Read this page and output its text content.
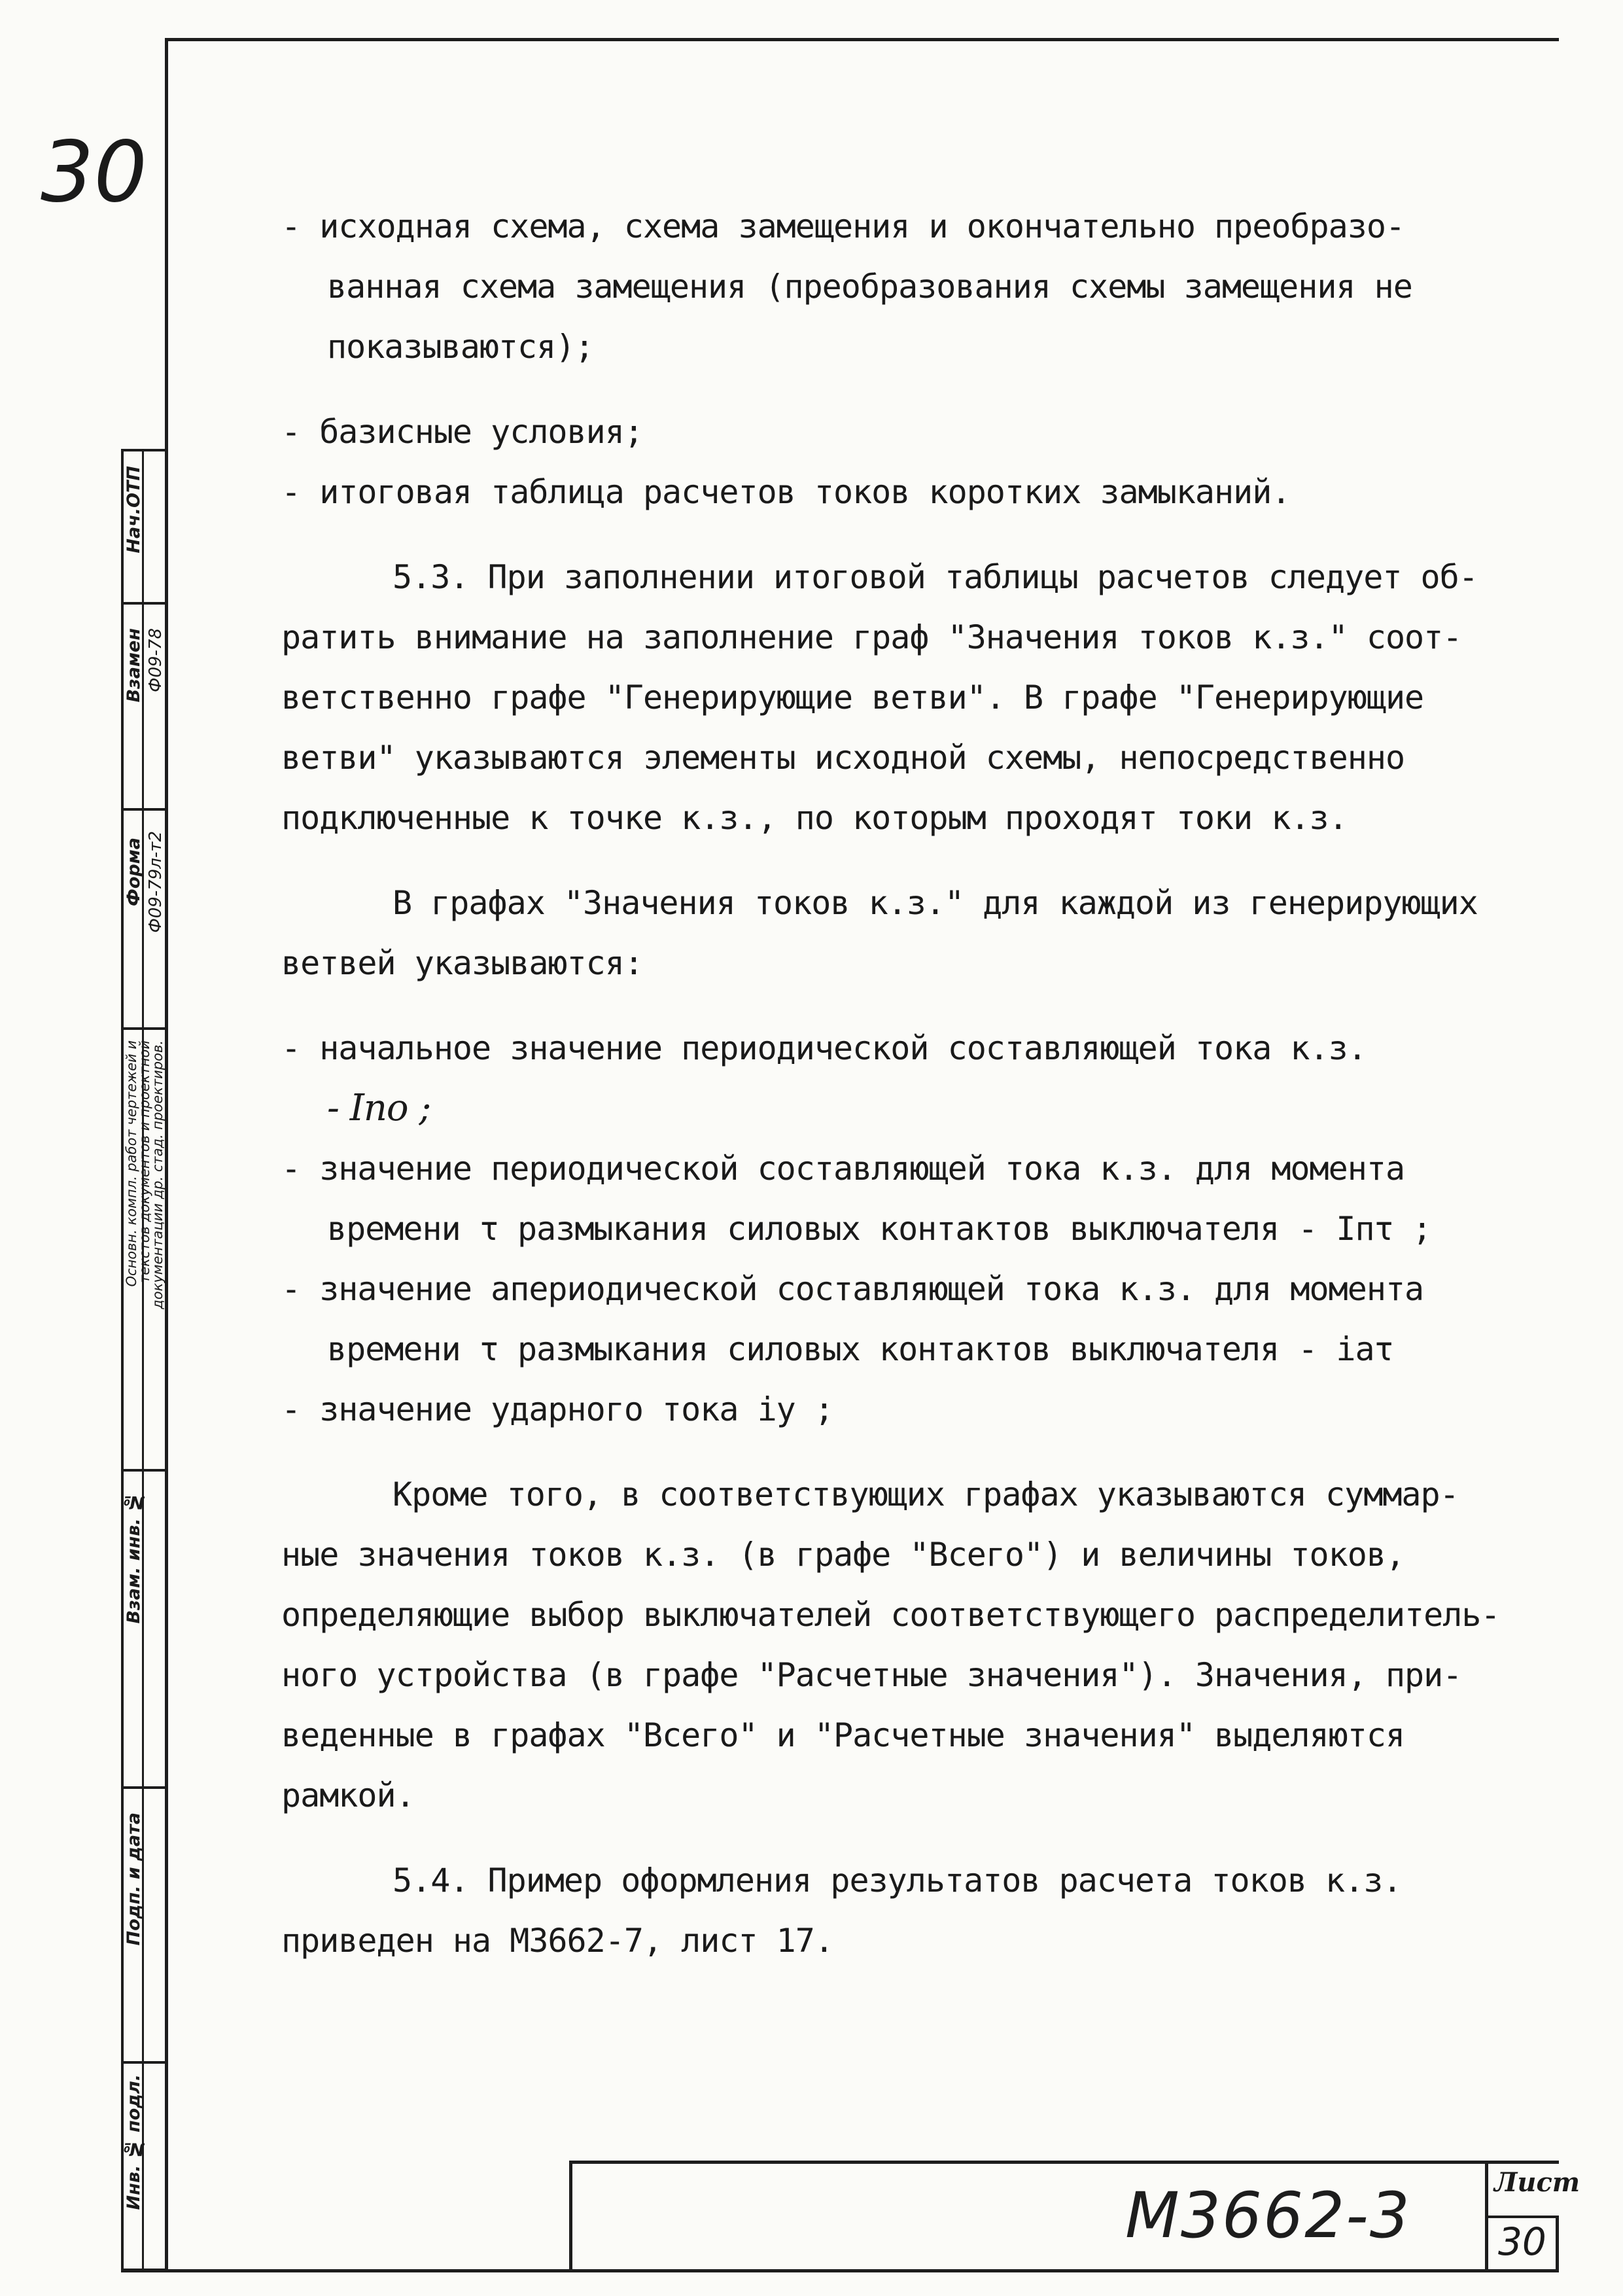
30
Нач.ОТП
Взамен Ф09-78
Форма Ф09-79л-т2
Основн. компл. работ чертежей и
текстов документов и проектной
документации др. стад. проектиров.
Взам. инв. №
Подп. и дата
Инв. № подл.
- исходная схема, схема замещения и окончательно преобразо-
ванная схема замещения (преобразования схемы замещения не
показываются);
- базисные условия;
- итоговая таблица расчетов токов коротких замыканий.
5.3. При заполнении итоговой таблицы расчетов следует об-
ратить внимание на заполнение граф "Значения токов к.з." соот-
ветственно графе "Генерирующие ветви". В графе "Генерирующие
ветви" указываются элементы исходной схемы, непосредственно
подключенные к точке к.з., по которым проходят токи к.з.
В графах "Значения токов к.з." для каждой из генерирующих
ветвей указываются:
- начальное значение периодической составляющей тока к.з.
- Iпо ;
- значение периодической составляющей тока к.з. для момента
времени τ размыкания силовых контактов выключателя - Iпτ ;
- значение апериодической составляющей тока к.з. для момента
времени τ размыкания силовых контактов выключателя - iаτ
- значение ударного тока iу ;
Кроме того, в соответствующих графах указываются суммар-
ные значения токов к.з. (в графе "Всего") и величины токов,
определяющие выбор выключателей соответствующего распределитель-
ного устройства (в графе "Расчетные значения"). Значения, при-
веденные в графах "Всего" и "Расчетные значения" выделяются
рамкой.
5.4. Пример оформления результатов расчета токов к.з.
приведен на М3662-7, лист 17.
М3662-3	Лист
30
